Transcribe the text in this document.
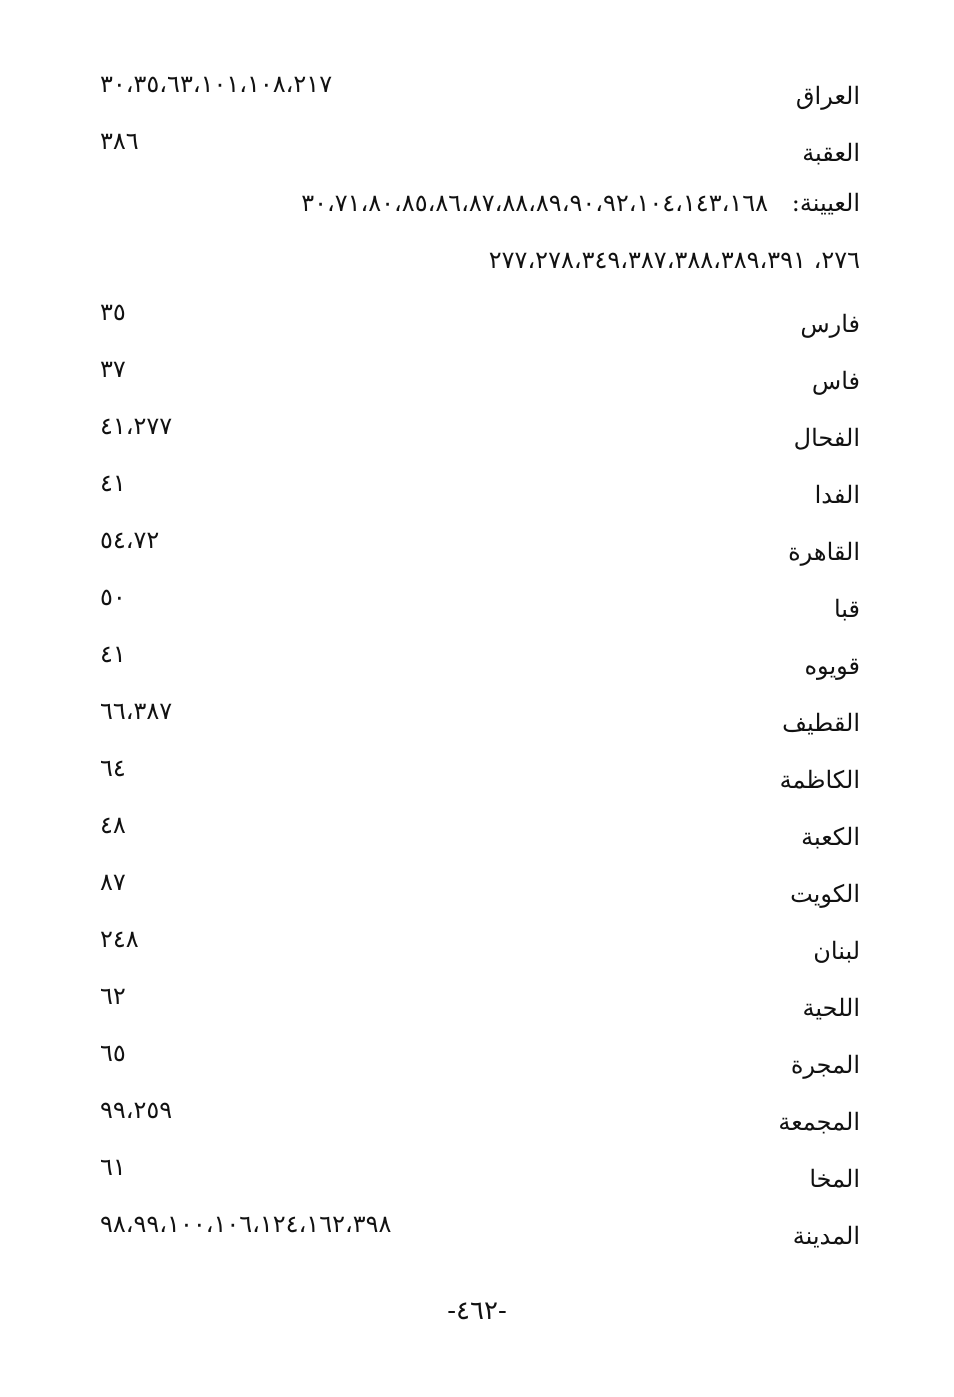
العراق
٣٠،٣٥،٦٣،١٠١،١٠٨،٢١٧
العقبة
٣٨٦
العيينة:
٣٠،٧١،٨٠،٨٥،٨٦،٨٧،٨٨،٨٩،٩٠،٩٢،١٠٤،١٤٣،١٦٨
٢٧٦، ٢٧٧،٢٧٨،٣٤٩،٣٨٧،٣٨٨،٣٨٩،٣٩١
فارس
٣٥
فاس
٣٧
الفحال
٤١،٢٧٧
الفدا
٤١
القاهرة
٥٤،٧٢
قبا
٥٠
قويوه
٤١
القطيف
٦٦،٣٨٧
الكاظمة
٦٤
الكعبة
٤٨
الكويت
٨٧
لبنان
٢٤٨
اللحية
٦٢
المجرة
٦٥
المجمعة
٩٩،٢٥٩
المخا
٦١
المدينة
٩٨،٩٩،١٠٠،١٠٦،١٢٤،١٦٢،٣٩٨
-٤٦٢-
